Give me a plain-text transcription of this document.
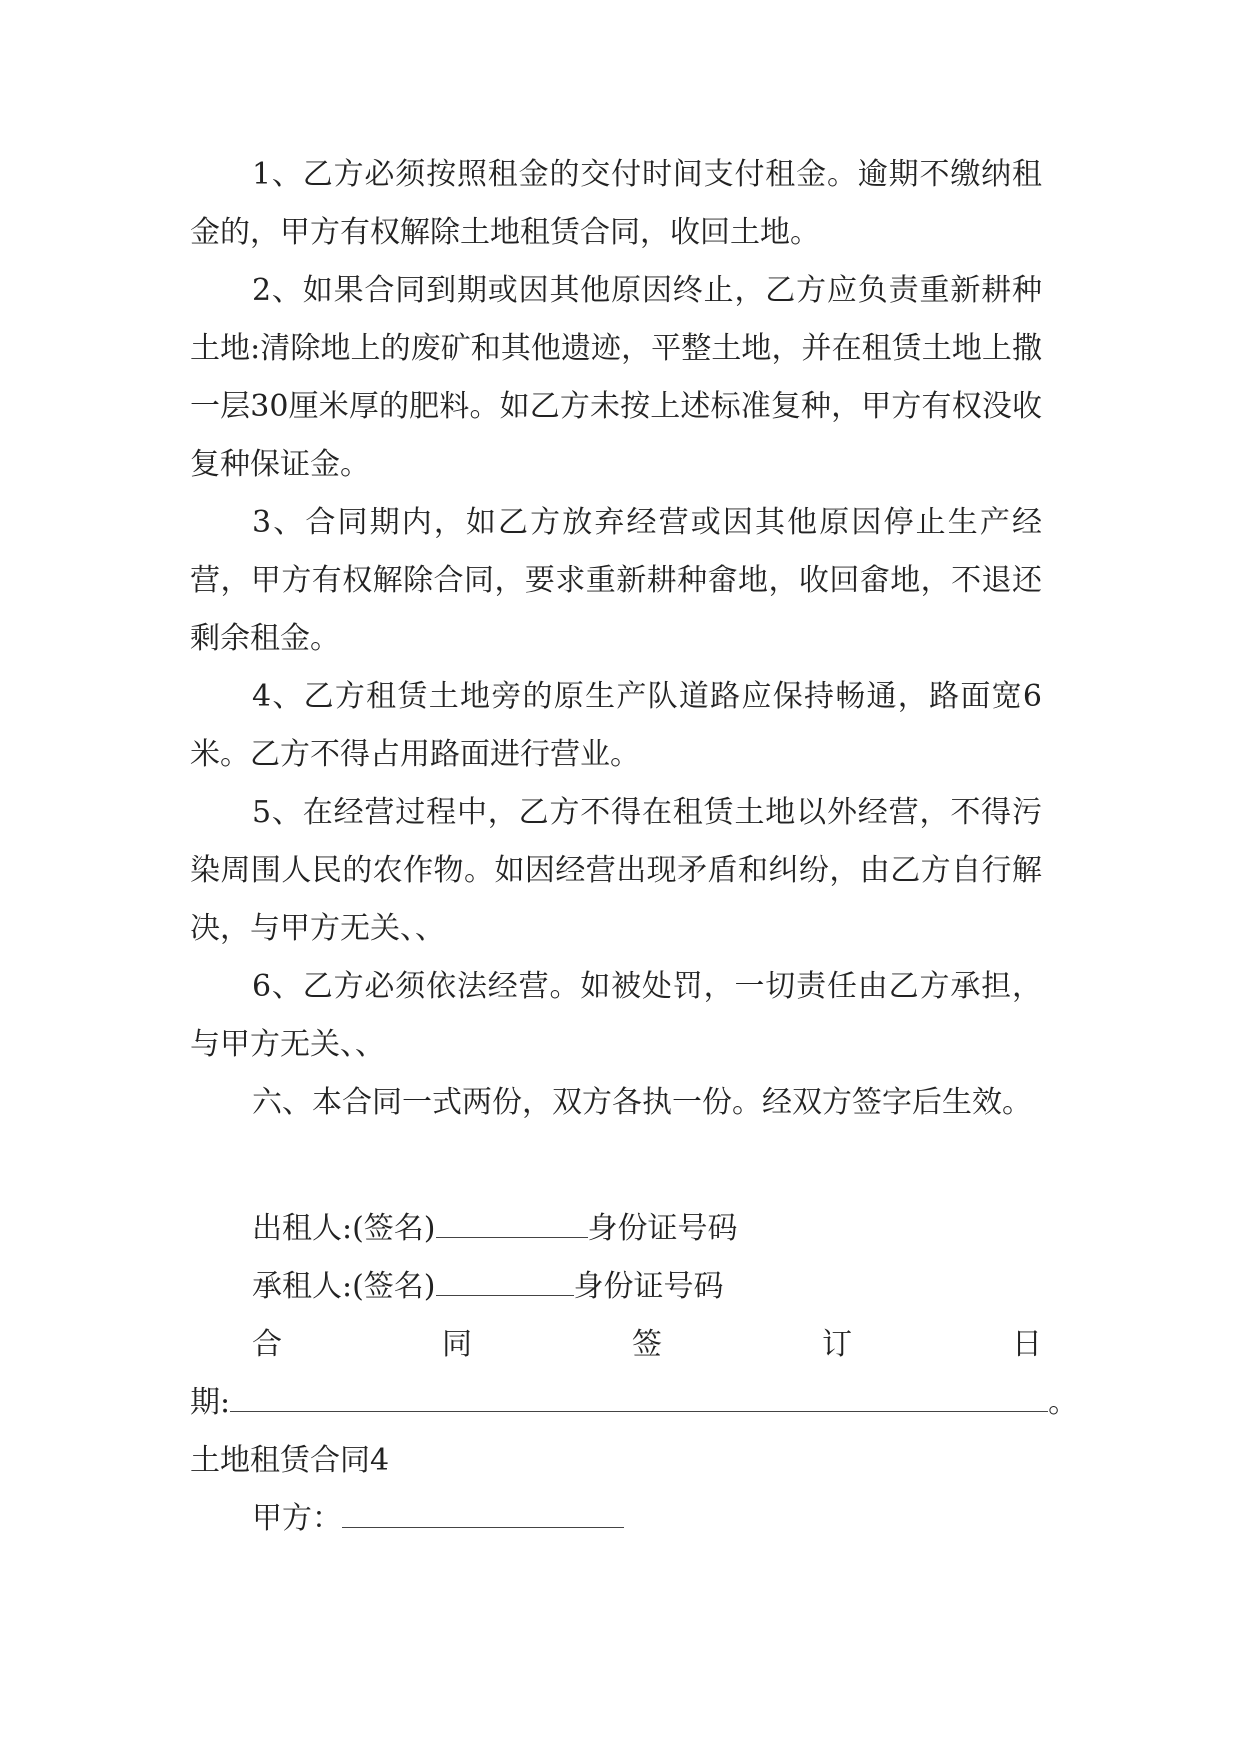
1、乙方必须按照租金的交付时间支付租金。逾期不缴纳租金的，甲方有权解除土地租赁合同，收回土地。

2、如果合同到期或因其他原因终止，乙方应负责重新耕种土地:清除地上的废矿和其他遗迹，平整土地，并在租赁土地上撒一层30厘米厚的肥料。如乙方未按上述标准复种，甲方有权没收复种保证金。

3、合同期内，如乙方放弃经营或因其他原因停止生产经营，甲方有权解除合同，要求重新耕种畲地，收回畲地，不退还剩余租金。

4、乙方租赁土地旁的原生产队道路应保持畅通，路面宽6米。乙方不得占用路面进行营业。

5、在经营过程中，乙方不得在租赁土地以外经营，不得污染周围人民的农作物。如因经营出现矛盾和纠纷，由乙方自行解决，与甲方无关、、

6、乙方必须依法经营。如被处罚，一切责任由乙方承担，与甲方无关、、

六、本合同一式两份，双方各执一份。经双方签字后生效。

出租人:(签名)	身份证号码
承租人:(签名)	身份证号码
合	同	签	订	日
期:	。
土地租赁合同4
甲方：
